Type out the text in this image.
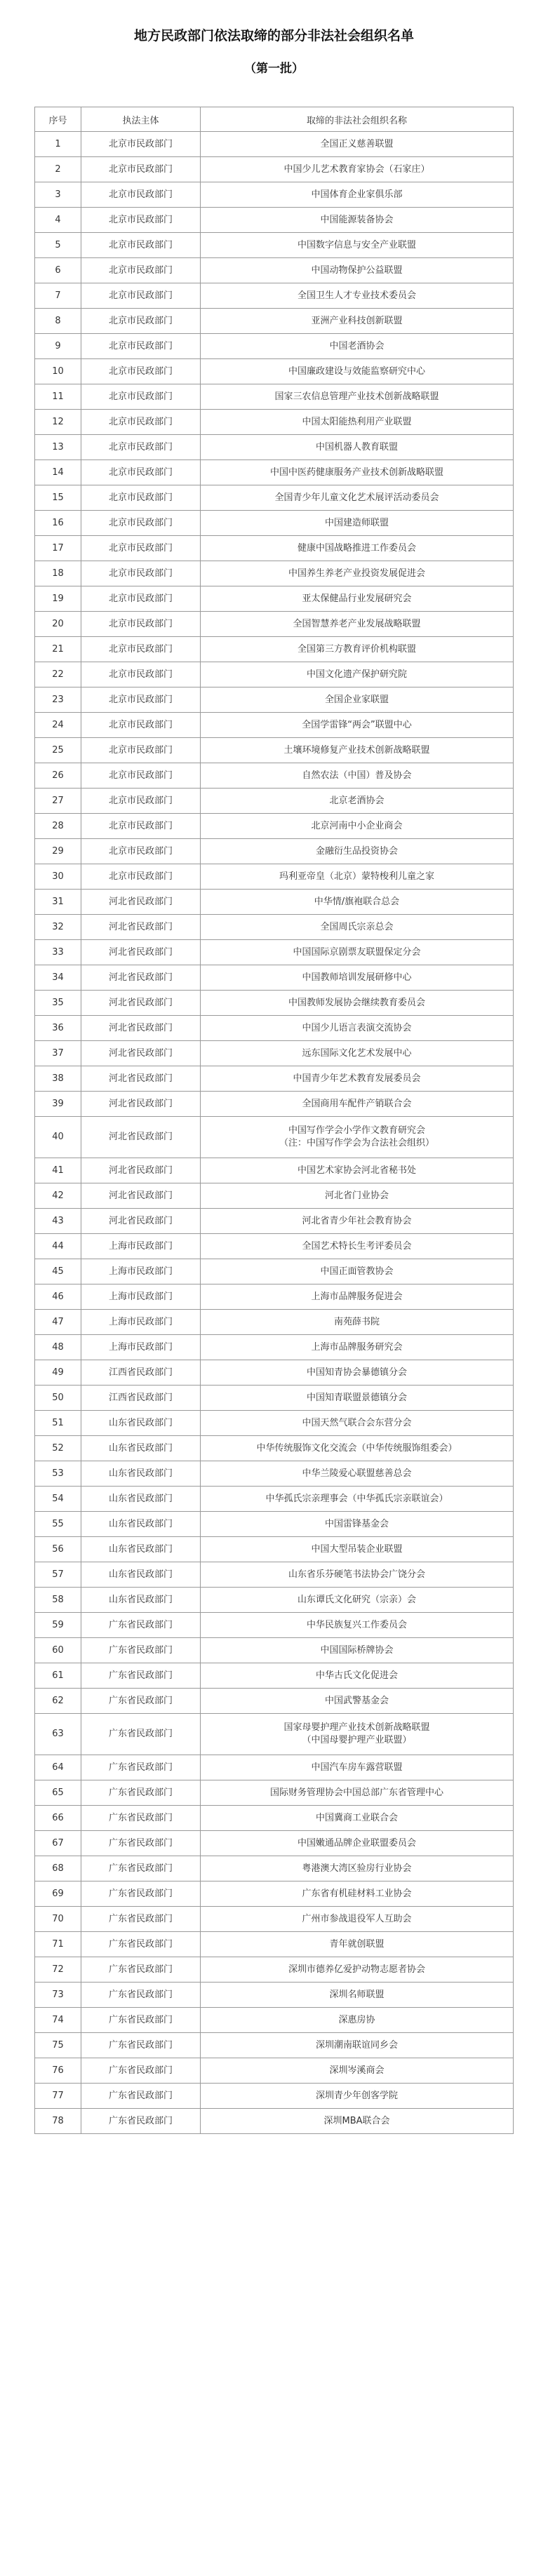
地方民政部门依法取缔的部分非法社会组织名单
（第一批）
序号	执法主体	取缔的非法社会组织名称
1	北京市民政部门	全国正义慈善联盟

2	北京市民政部门	中国少儿艺术教育家协会（石家庄）

3	北京市民政部门	中国体育企业家俱乐部

4	北京市民政部门	中国能源装备协会

5	北京市民政部门	中国数字信息与安全产业联盟

6	北京市民政部门	中国动物保护公益联盟

7	北京市民政部门	全国卫生人才专业技术委员会

8	北京市民政部门	亚洲产业科技创新联盟

9	北京市民政部门	中国老酒协会

10	北京市民政部门	中国廉政建设与效能监察研究中心

11	北京市民政部门	国家三农信息管理产业技术创新战略联盟

12	北京市民政部门	中国太阳能热利用产业联盟

13	北京市民政部门	中国机器人教育联盟

14	北京市民政部门	中国中医药健康服务产业技术创新战略联盟

15	北京市民政部门	全国青少年儿童文化艺术展评活动委员会

16	北京市民政部门	中国建造师联盟

17	北京市民政部门	健康中国战略推进工作委员会

18	北京市民政部门	中国养生养老产业投资发展促进会

19	北京市民政部门	亚太保健品行业发展研究会

20	北京市民政部门	全国智慧养老产业发展战略联盟

21	北京市民政部门	全国第三方教育评价机构联盟

22	北京市民政部门	中国文化遗产保护研究院

23	北京市民政部门	全国企业家联盟

24	北京市民政部门	全国学雷锋“两会”联盟中心

25	北京市民政部门	土壤环境修复产业技术创新战略联盟

26	北京市民政部门	自然农法（中国）普及协会

27	北京市民政部门	北京老酒协会

28	北京市民政部门	北京河南中小企业商会

29	北京市民政部门	金融衍生品投资协会

30	北京市民政部门	玛利亚帝皇（北京）蒙特梭利儿童之家

31	河北省民政部门	中华情/旗袍联合总会

32	河北省民政部门	全国周氏宗亲总会

33	河北省民政部门	中国国际京剧票友联盟保定分会

34	河北省民政部门	中国教师培训发展研修中心

35	河北省民政部门	中国教师发展协会继续教育委员会

36	河北省民政部门	中国少儿语言表演交流协会

37	河北省民政部门	远东国际文化艺术发展中心

38	河北省民政部门	中国青少年艺术教育发展委员会

39	河北省民政部门	全国商用车配件产销联合会

40	河北省民政部门	中国写作学会小学作文教育研究会
（注：中国写作学会为合法社会组织）

41	河北省民政部门	中国艺术家协会河北省秘书处

42	河北省民政部门	河北省门业协会

43	河北省民政部门	河北省青少年社会教育协会

44	上海市民政部门	全国艺术特长生考评委员会

45	上海市民政部门	中国正面管教协会

46	上海市民政部门	上海市品牌服务促进会

47	上海市民政部门	南苑薛书院

48	上海市民政部门	上海市品牌服务研究会

49	江西省民政部门	中国知青协会暴德镇分会

50	江西省民政部门	中国知青联盟景德镇分会

51	山东省民政部门	中国天然气联合会东营分会

52	山东省民政部门	中华传统服饰文化交流会（中华传统服饰组委会）

53	山东省民政部门	中华兰陵爱心联盟慈善总会

54	山东省民政部门	中华孤氏宗亲理事会（中华孤氏宗亲联谊会）

55	山东省民政部门	中国雷锋基金会

56	山东省民政部门	中国大型吊装企业联盟

57	山东省民政部门	山东省乐芬硬笔书法协会广饶分会

58	山东省民政部门	山东谭氏文化研究（宗亲）会

59	广东省民政部门	中华民族复兴工作委员会

60	广东省民政部门	中国国际桥牌协会

61	广东省民政部门	中华古氏文化促进会

62	广东省民政部门	中国武警基金会

63	广东省民政部门	国家母婴护理产业技术创新战略联盟
（中国母婴护理产业联盟）

64	广东省民政部门	中国汽车房车露营联盟

65	广东省民政部门	国际财务管理协会中国总部广东省管理中心

66	广东省民政部门	中国冀商工业联合会

67	广东省民政部门	中国嫩通品牌企业联盟委员会

68	广东省民政部门	粤港澳大湾区验房行业协会

69	广东省民政部门	广东省有机硅材料工业协会

70	广东省民政部门	广州市参战退役军人互助会

71	广东省民政部门	青年就创联盟

72	广东省民政部门	深圳市德养亿爱护动物志愿者协会

73	广东省民政部门	深圳名师联盟

74	广东省民政部门	深惠房协

75	广东省民政部门	深圳潮南联谊同乡会

76	广东省民政部门	深圳岑溪商会

77	广东省民政部门	深圳青少年创客学院

78	广东省民政部门	深圳MBA联合会
